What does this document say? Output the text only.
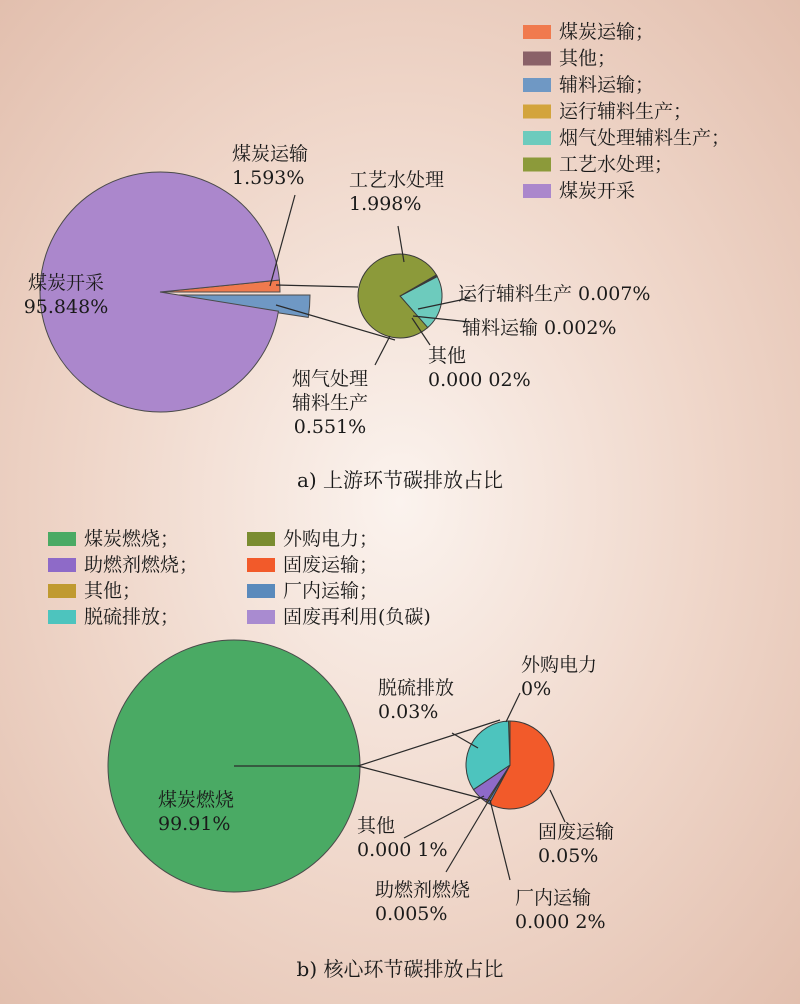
煤炭开采 95.848%
煤炭运输 1.593% 工艺水处理 1.998%
运行辅料生产 0.007%
辅料运输 0.002%
其他 0.000 02%
烟气处理辅料生产 0.551%
煤炭运输；
其他；
辅料运输；
运行辅料生产；
烟气处理辅料生产；
工艺水处理；
煤炭开采
a) 上游环节碳排放占比
煤炭燃烧；	外购电力；
助燃剂燃烧；	固废运输；
其他；	厂内运输；
脱硫排放；	固废再利用(负碳)
煤炭燃烧 99.91%
外购电力 0%
脱硫排放 0.03%
固废运输 0.05%
其他 0.000 1%
助燃剂燃烧 0.005%
厂内运输 0.000 2%
b) 核心环节碳排放占比
